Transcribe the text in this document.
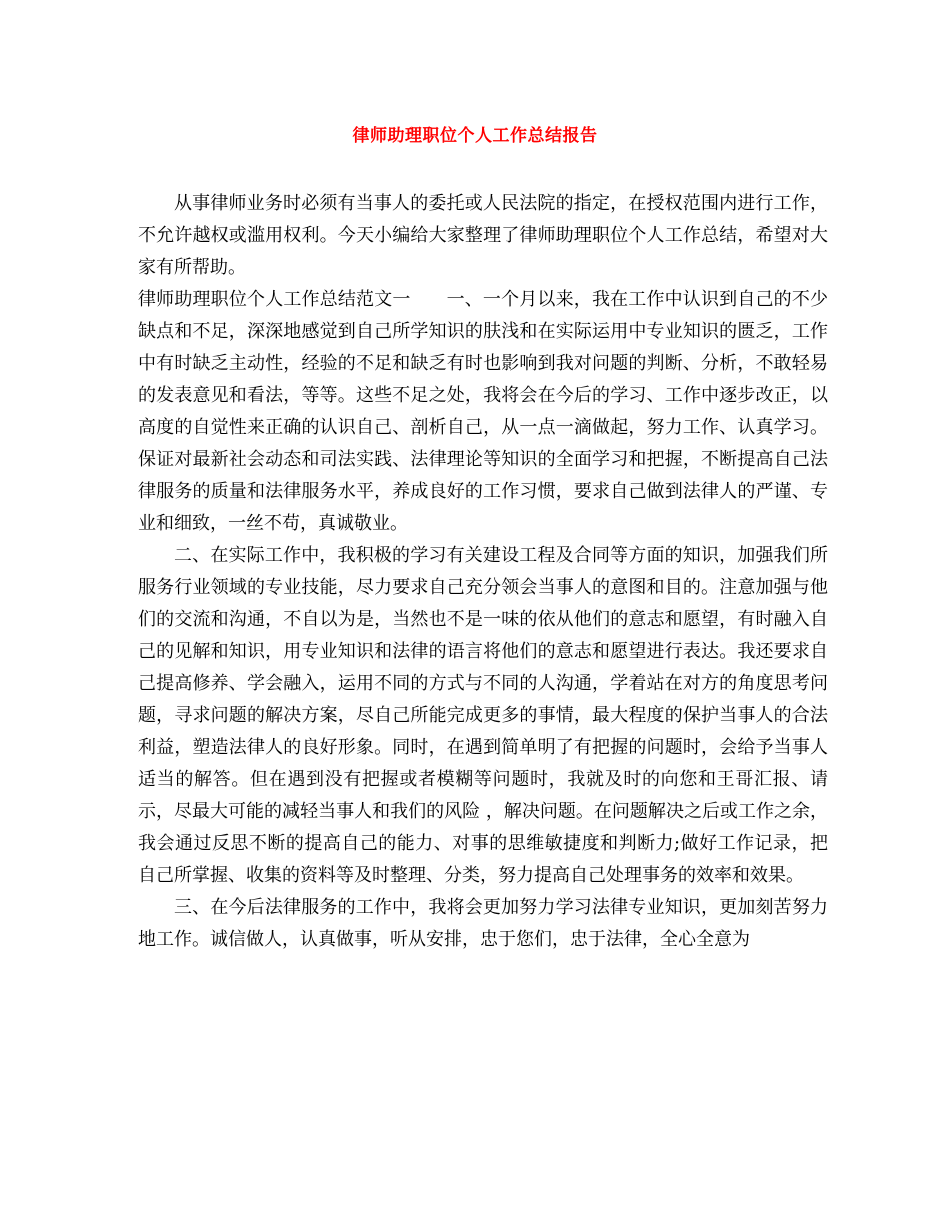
律师助理职位个人工作总结报告

从事律师业务时必须有当事人的委托或人民法院的指定，在授权范围内进行工作，不允许越权或滥用权利。今天小编给大家整理了律师助理职位个人工作总结，希望对大家有所帮助。

律师助理职位个人工作总结范文一 一、一个月以来，我在工作中认识到自己的不少缺点和不足，深深地感觉到自己所学知识的肤浅和在实际运用中专业知识的匮乏，工作中有时缺乏主动性，经验的不足和缺乏有时也影响到我对问题的判断、分析，不敢轻易的发表意见和看法，等等。这些不足之处，我将会在今后的学习、工作中逐步改正，以高度的自觉性来正确的认识自己、剖析自己，从一点一滴做起，努力工作、认真学习。保证对最新社会动态和司法实践、法律理论等知识的全面学习和把握，不断提高自己法律服务的质量和法律服务水平，养成良好的工作习惯，要求自己做到法律人的严谨、专业和细致，一丝不苟，真诚敬业。

二、在实际工作中，我积极的学习有关建设工程及合同等方面的知识，加强我们所服务行业领域的专业技能，尽力要求自己充分领会当事人的意图和目的。注意加强与他们的交流和沟通，不自以为是，当然也不是一味的依从他们的意志和愿望，有时融入自己的见解和知识，用专业知识和法律的语言将他们的意志和愿望进行表达。我还要求自己提高修养、学会融入，运用不同的方式与不同的人沟通，学着站在对方的角度思考问题，寻求问题的解决方案，尽自己所能完成更多的事情，最大程度的保护当事人的合法利益，塑造法律人的良好形象。同时，在遇到简单明了有把握的问题时，会给予当事人适当的解答。但在遇到没有把握或者模糊等问题时，我就及时的向您和王哥汇报、请示，尽最大可能的减轻当事人和我们的风险 ，解决问题。在问题解决之后或工作之余，我会通过反思不断的提高自己的能力、对事的思维敏捷度和判断力;做好工作记录，把自己所掌握、收集的资料等及时整理、分类，努力提高自己处理事务的效率和效果。

三、在今后法律服务的工作中，我将会更加努力学习法律专业知识，更加刻苦努力地工作。诚信做人，认真做事，听从安排，忠于您们，忠于法律，全心全意为
